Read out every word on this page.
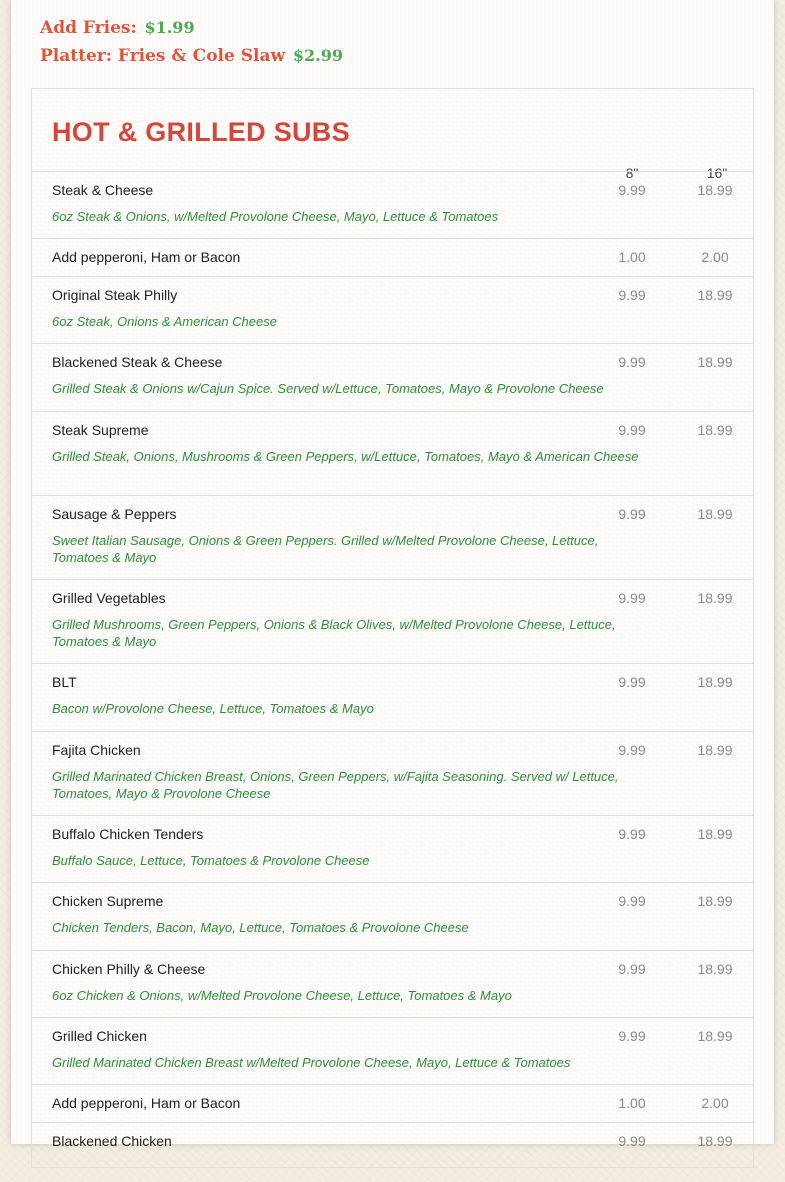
Add Fries: $1.99
Platter: Fries & Cole Slaw $2.99
HOT & GRILLED SUBS
8"	16"
Steak & Cheese	9.99	18.99
6oz Steak & Onions, w/Melted Provolone Cheese, Mayo, Lettuce & Tomatoes
Add pepperoni, Ham or Bacon	1.00	2.00
Original Steak Philly	9.99	18.99
6oz Steak, Onions & American Cheese
Blackened Steak & Cheese	9.99	18.99
Grilled Steak & Onions w/Cajun Spice. Served w/Lettuce, Tomatoes, Mayo & Provolone Cheese
Steak Supreme	9.99	18.99
Grilled Steak, Onions, Mushrooms & Green Peppers, w/Lettuce, Tomatoes, Mayo & American Cheese
Sausage & Peppers	9.99	18.99
Sweet Italian Sausage, Onions & Green Peppers. Grilled w/Melted Provolone Cheese, Lettuce, Tomatoes & Mayo
Grilled Vegetables	9.99	18.99
Grilled Mushrooms, Green Peppers, Onions & Black Olives, w/Melted Provolone Cheese, Lettuce, Tomatoes & Mayo
BLT	9.99	18.99
Bacon w/Provolone Cheese, Lettuce, Tomatoes & Mayo
Fajita Chicken	9.99	18.99
Grilled Marinated Chicken Breast, Onions, Green Peppers, w/Fajita Seasoning. Served w/ Lettuce, Tomatoes, Mayo & Provolone Cheese
Buffalo Chicken Tenders	9.99	18.99
Buffalo Sauce, Lettuce, Tomatoes & Provolone Cheese
Chicken Supreme	9.99	18.99
Chicken Tenders, Bacon, Mayo, Lettuce, Tomatoes & Provolone Cheese
Chicken Philly & Cheese	9.99	18.99
6oz Chicken & Onions, w/Melted Provolone Cheese, Lettuce, Tomatoes & Mayo
Grilled Chicken	9.99	18.99
Grilled Marinated Chicken Breast w/Melted Provolone Cheese, Mayo, Lettuce & Tomatoes
Add pepperoni, Ham or Bacon	1.00	2.00
Blackened Chicken	9.99	18.99
